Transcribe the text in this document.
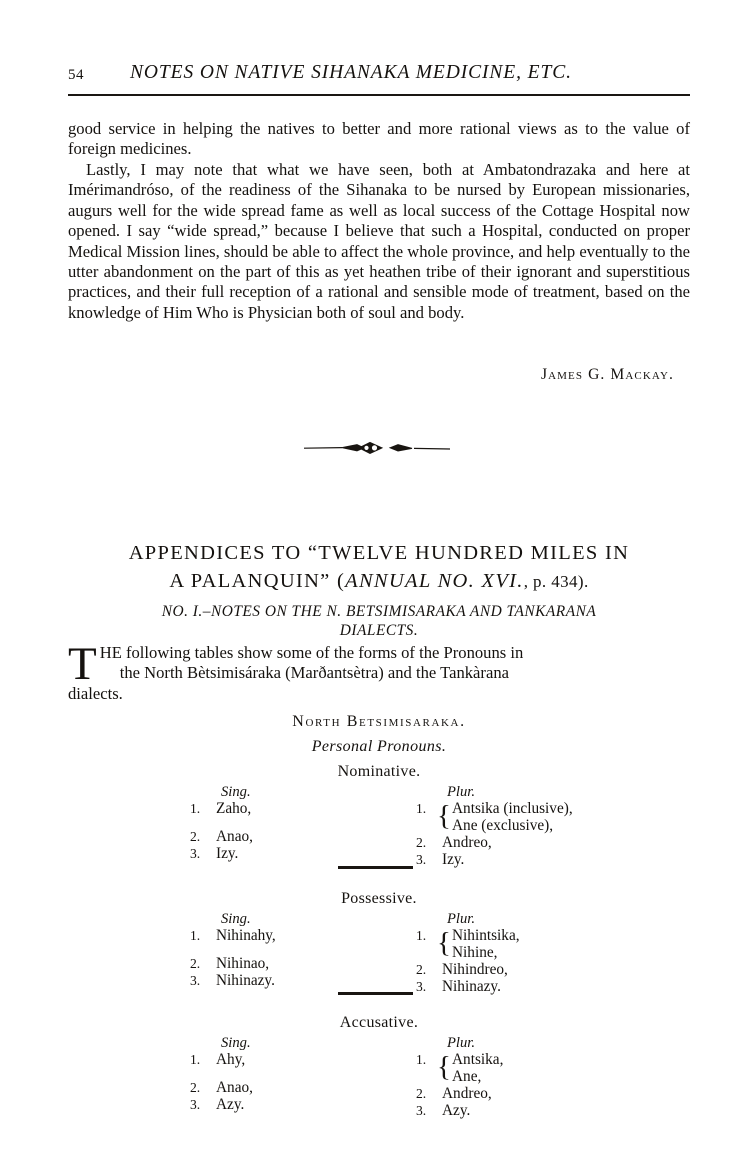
54 NOTES ON NATIVE SIHANAKA MEDICINE, ETC.

good service in helping the natives to better and more rational views as to the value of foreign medicines.

Lastly, I may note that what we have seen, both at Ambatondrazaka and here at Imérimandróso, of the readiness of the Sihanaka to be nursed by European missionaries, augurs well for the wide spread fame as well as local success of the Cottage Hospital now opened. I say “wide spread,” because I believe that such a Hospital, conducted on proper Medical Mission lines, should be able to affect the whole province, and help eventually to the utter abandonment on the part of this as yet heathen tribe of their ignorant and superstitious practices, and their full reception of a rational and sensible mode of treatment, based on the knowledge of Him Who is Physician both of soul and body.

James G. Mackay.
APPENDICES TO “TWELVE HUNDRED MILES IN
A PALANQUIN” (ANNUAL NO. XVI., p. 434).
NO. I.–NOTES ON THE N. BETSIMISARAKA AND TANKARANA
DIALECTS.
THE following tables show some of the forms of the Pronouns in
the North Bètsimisáraka (Marðantsètra) and the Tankàrana
dialects.
North Betsimisaraka.
Personal Pronouns.
Nominative.
Sing.
1. Zaho,
2. Anao,
3. Izy.
Plur.
1. { Antsika (inclusive),
Ane (exclusive),
2. Andreo,
3. Izy.
Possessive.
Sing.
1. Nihinahy,
2. Nihinao,
3. Nihinazy.
Plur.
1. { Nihintsika,
Nihine,
2. Nihindreo,
3. Nihinazy.
Accusative.
Sing.
1. Ahy,
2. Anao,
3. Azy.
Plur.
1. { Antsika,
Ane,
2. Andreo,
3. Azy.
